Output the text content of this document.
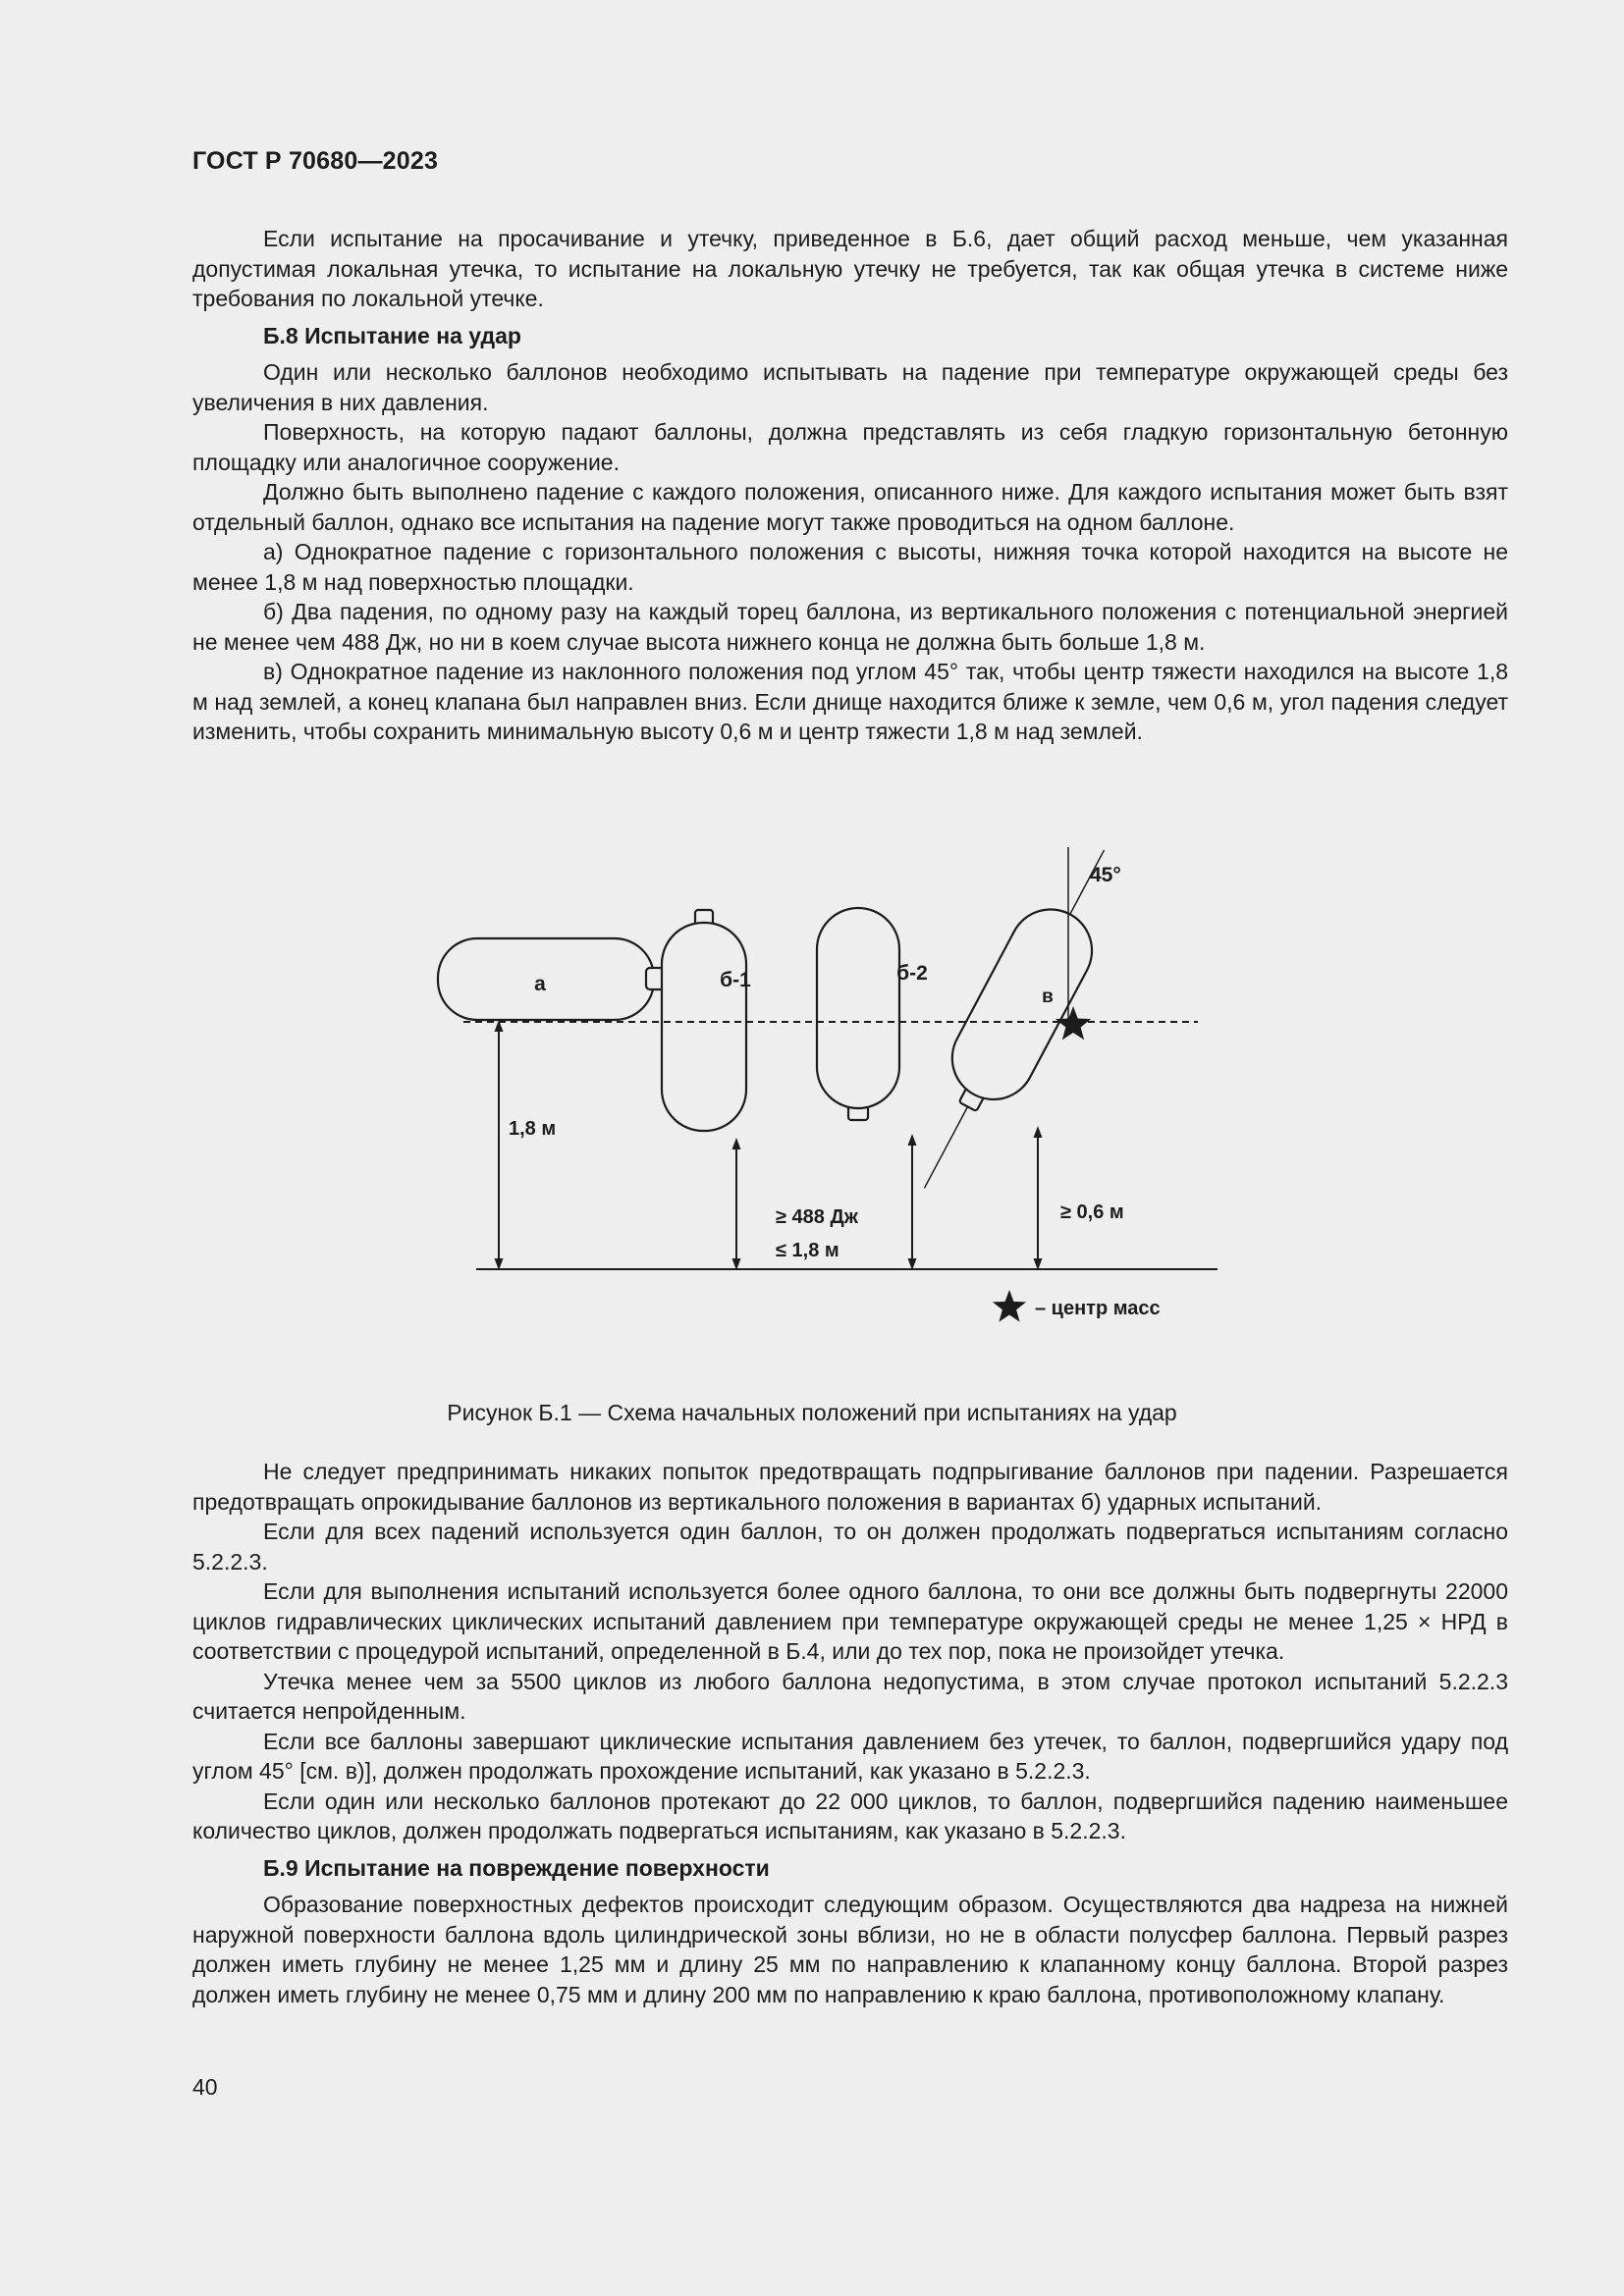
ГОСТ Р 70680—2023

Если испытание на просачивание и утечку, приведенное в Б.6, дает общий расход меньше, чем указанная допустимая локальная утечка, то испытание на локальную утечку не требуется, так как общая утечка в системе ниже требования по локальной утечке.

Б.8 Испытание на удар

Один или несколько баллонов необходимо испытывать на падение при температуре окружающей среды без увеличения в них давления.

Поверхность, на которую падают баллоны, должна представлять из себя гладкую горизонтальную бетонную площадку или аналогичное сооружение.

Должно быть выполнено падение с каждого положения, описанного ниже. Для каждого испытания может быть взят отдельный баллон, однако все испытания на падение могут также проводиться на одном баллоне.

а) Однократное падение с горизонтального положения с высоты, нижняя точка которой находится на высоте не менее 1,8 м над поверхностью площадки.

б) Два падения, по одному разу на каждый торец баллона, из вертикального положения с потенциальной энергией не менее чем 488 Дж, но ни в коем случае высота нижнего конца не должна быть больше 1,8 м.

в) Однократное падение из наклонного положения под углом 45° так, чтобы центр тяжести находился на высоте 1,8 м над землей, а конец клапана был направлен вниз. Если днище находится ближе к земле, чем 0,6 м, угол падения следует изменить, чтобы сохранить минимальную высоту 0,6 м и центр тяжести 1,8 м над землей.

а	б-1	б-2
в
45°
1,8 м
≥ 488 Дж
≤ 1,8 м
≥ 0,6 м
– центр масс
Рисунок Б.1 — Схема начальных положений при испытаниях на удар

Не следует предпринимать никаких попыток предотвращать подпрыгивание баллонов при падении. Разрешается предотвращать опрокидывание баллонов из вертикального положения в вариантах б) ударных испытаний.

Если для всех падений используется один баллон, то он должен продолжать подвергаться испытаниям согласно 5.2.2.3.

Если для выполнения испытаний используется более одного баллона, то они все должны быть подвергнуты 22000 циклов гидравлических циклических испытаний давлением при температуре окружающей среды не менее 1,25 × НРД в соответствии с процедурой испытаний, определенной в Б.4, или до тех пор, пока не произойдет утечка.

Утечка менее чем за 5500 циклов из любого баллона недопустима, в этом случае протокол испытаний 5.2.2.3 считается непройденным.

Если все баллоны завершают циклические испытания давлением без утечек, то баллон, подвергшийся удару под углом 45° [см. в)], должен продолжать прохождение испытаний, как указано в 5.2.2.3.

Если один или несколько баллонов протекают до 22 000 циклов, то баллон, подвергшийся падению наименьшее количество циклов, должен продолжать подвергаться испытаниям, как указано в 5.2.2.3.

Б.9 Испытание на повреждение поверхности

Образование поверхностных дефектов происходит следующим образом. Осуществляются два надреза на нижней наружной поверхности баллона вдоль цилиндрической зоны вблизи, но не в области полусфер баллона. Первый разрез должен иметь глубину не менее 1,25 мм и длину 25 мм по направлению к клапанному концу баллона. Второй разрез должен иметь глубину не менее 0,75 мм и длину 200 мм по направлению к краю баллона, противоположному клапану.

40
